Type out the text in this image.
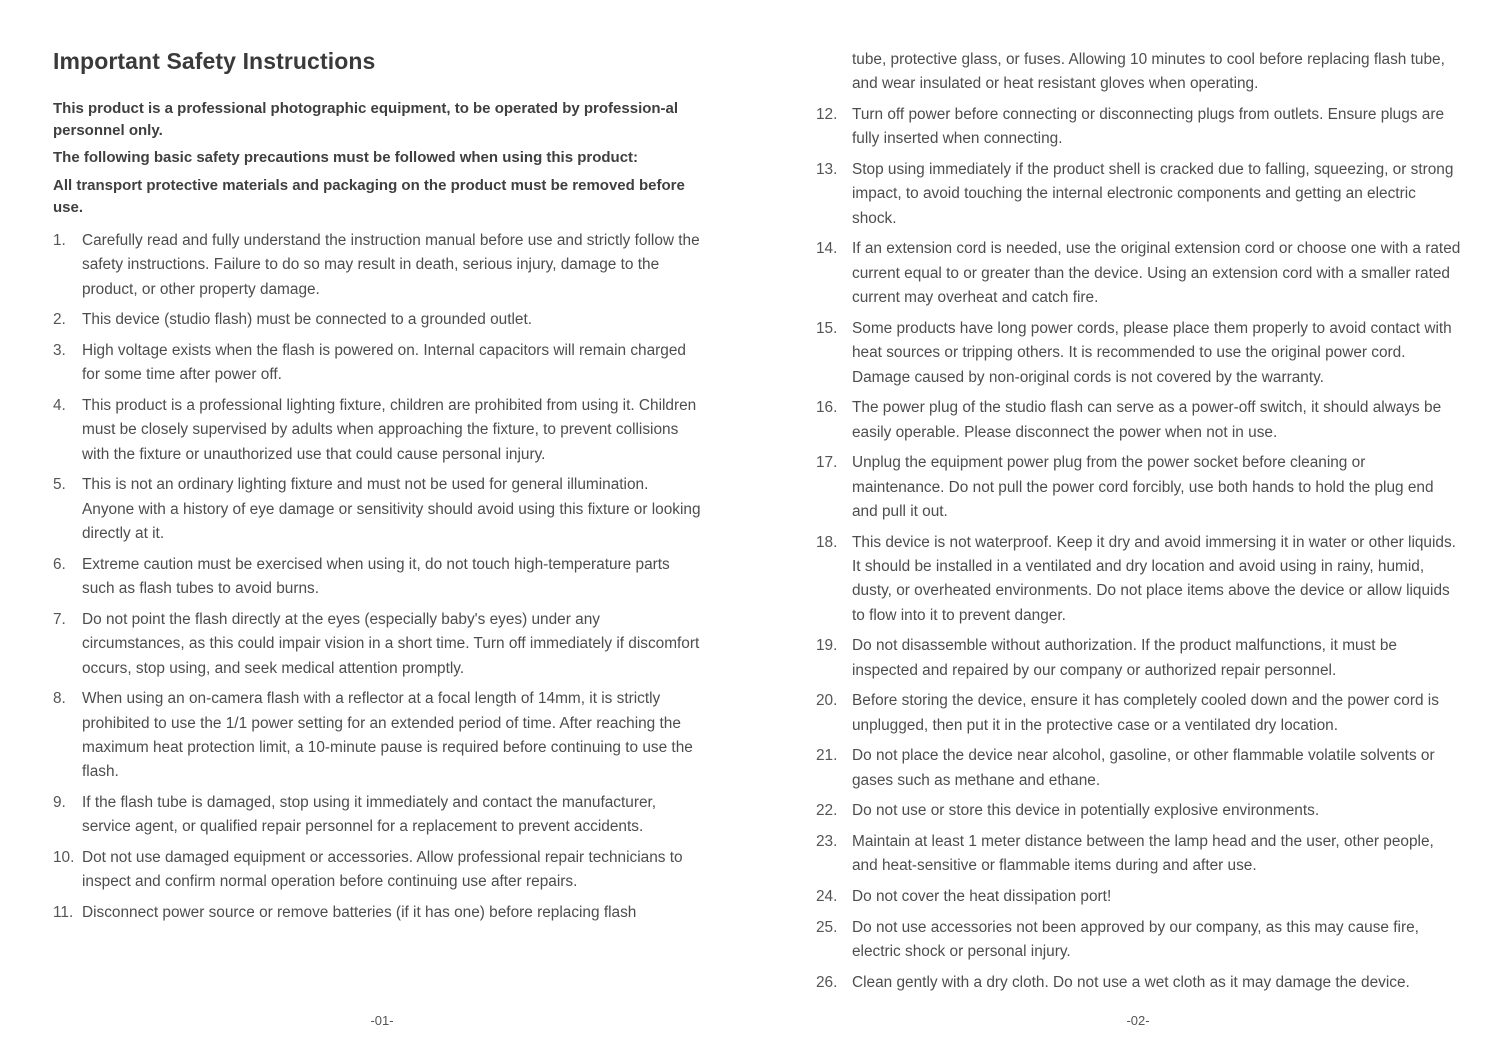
Important Safety Instructions

This product is a professional photographic equipment, to be operated by profession-al personnel only.

The following basic safety precautions must be followed when using this product:

All transport protective materials and packaging on the product must be removed before use.

1. Carefully read and fully understand the instruction manual before use and strictly follow the safety instructions. Failure to do so may result in death, serious injury, damage to the product, or other property damage.
2. This device (studio flash) must be connected to a grounded outlet.
3. High voltage exists when the flash is powered on. Internal capacitors will remain charged for some time after power off.
4. This product is a professional lighting fixture, children are prohibited from using it. Children must be closely supervised by adults when approaching the fixture, to prevent collisions with the fixture or unauthorized use that could cause personal injury.
5. This is not an ordinary lighting fixture and must not be used for general illumination. Anyone with a history of eye damage or sensitivity should avoid using this fixture or looking directly at it.
6. Extreme caution must be exercised when using it, do not touch high-temperature parts such as flash tubes to avoid burns.
7. Do not point the flash directly at the eyes (especially baby's eyes) under any circumstances, as this could impair vision in a short time. Turn off immediately if discomfort occurs, stop using, and seek medical attention promptly.
8. When using an on-camera flash with a reflector at a focal length of 14mm, it is strictly prohibited to use the 1/1 power setting for an extended period of time. After reaching the maximum heat protection limit, a 10-minute pause is required before continuing to use the flash.
9. If the flash tube is damaged, stop using it immediately and contact the manufacturer, service agent, or qualified repair personnel for a replacement to prevent accidents.
10. Dot not use damaged equipment or accessories. Allow professional repair technicians to inspect and confirm normal operation before continuing use after repairs.
11. Disconnect power source or remove batteries (if it has one) before replacing flash
-01-

tube, protective glass, or fuses. Allowing 10 minutes to cool before replacing flash tube, and wear insulated or heat resistant gloves when operating.

12. Turn off power before connecting or disconnecting plugs from outlets. Ensure plugs are fully inserted when connecting.
13. Stop using immediately if the product shell is cracked due to falling, squeezing, or strong impact, to avoid touching the internal electronic components and getting an electric shock.
14. If an extension cord is needed, use the original extension cord or choose one with a rated current equal to or greater than the device. Using an extension cord with a smaller rated current may overheat and catch fire.
15. Some products have long power cords, please place them properly to avoid contact with heat sources or tripping others. It is recommended to use the original power cord. Damage caused by non-original cords is not covered by the warranty.
16. The power plug of the studio flash can serve as a power-off switch, it should always be easily operable. Please disconnect the power when not in use.
17. Unplug the equipment power plug from the power socket before cleaning or maintenance. Do not pull the power cord forcibly, use both hands to hold the plug end and pull it out.
18. This device is not waterproof. Keep it dry and avoid immersing it in water or other liquids. It should be installed in a ventilated and dry location and avoid using in rainy, humid, dusty, or overheated environments. Do not place items above the device or allow liquids to flow into it to prevent danger.
19. Do not disassemble without authorization. If the product malfunctions, it must be inspected and repaired by our company or authorized repair personnel.
20. Before storing the device, ensure it has completely cooled down and the power cord is unplugged, then put it in the protective case or a ventilated dry location.
21. Do not place the device near alcohol, gasoline, or other flammable volatile solvents or gases such as methane and ethane.
22. Do not use or store this device in potentially explosive environments.
23. Maintain at least 1 meter distance between the lamp head and the user, other people, and heat-sensitive or flammable items during and after use.
24. Do not cover the heat dissipation port!
25. Do not use accessories not been approved by our company, as this may cause fire, electric shock or personal injury.
26. Clean gently with a dry cloth. Do not use a wet cloth as it may damage the device.
-02-
